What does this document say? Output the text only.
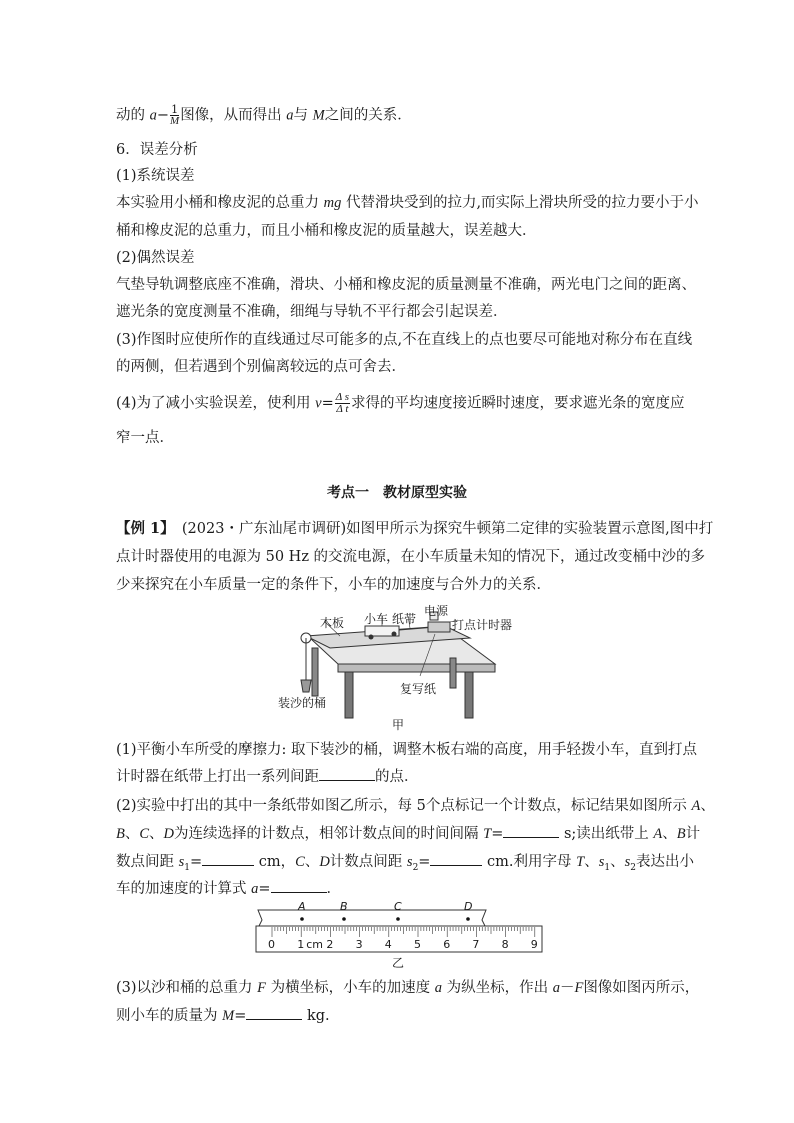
动的 $a- \frac{1}{M}$ 图像，从而得出 a与 M之间的关系．
6．误差分析
(1)系统误差
本实验用小桶和橡皮泥的总重力 mg 代替滑块受到的拉力,而实际上滑块所受的拉力要小于小
桶和橡皮泥的总重力，而且小桶和橡皮泥的质量越大，误差越大．
(2)偶然误差
气垫导轨调整底座不准确，滑块、小桶和橡皮泥的质量测量不准确，两光电门之间的距离、
遮光条的宽度测量不准确，细绳与导轨不平行都会引起误差．
(3)作图时应使所作的直线通过尽可能多的点,不在直线上的点也要尽可能地对称分布在直线
的两侧，但若遇到个别偏离较远的点可舍去．
(4)为了减小实验误差，使利用 $v= \frac{\text{Δ s}}{\text{Δ t}}$ 求得的平均速度接近瞬时速度，要求遮光条的宽度应
窄一点．
考点一　教材原型实验
【例 1】　(2023・广东汕尾市调研)如图甲所示为探究牛顿第二定律的实验装置示意图,图中打
点计时器使用的电源为 50 Hz 的交流电源，在小车质量未知的情况下，通过改变桶中沙的多
少来探究在小车质量一定的条件下，小车的加速度与合外力的关系．
木板 小车 纸带
电源
打点计时器
复写纸
装沙的桶
甲
(1)平衡小车所受的摩擦力: 取下装沙的桶，调整木板右端的高度，用手轻拨小车，直到打点
计时器在纸带上打出一系列间距	的点．
(2)实验中打出的其中一条纸带如图乙所示，每 5个点标记一个计数点，标记结果如图所示 A、
B、C、D为连续选择的计数点，相邻计数点间的时间间隔 T=	s;读出纸带上 A、B计
数点间距 $s_1=$	cm，C、D计数点间距 $s_2=$	cm.利用字母 T、$s_1$、$s_2$表达出小
车的加速度的计算式 a=	．
0 1 2 3 4 5 6 7 8 9
cm
A	B	C	D
乙
(3)以沙和桶的总重力 F 为横坐标，小车的加速度 a 为纵坐标，作出 a－F图像如图丙所示，
则小车的质量为 M=	kg.
